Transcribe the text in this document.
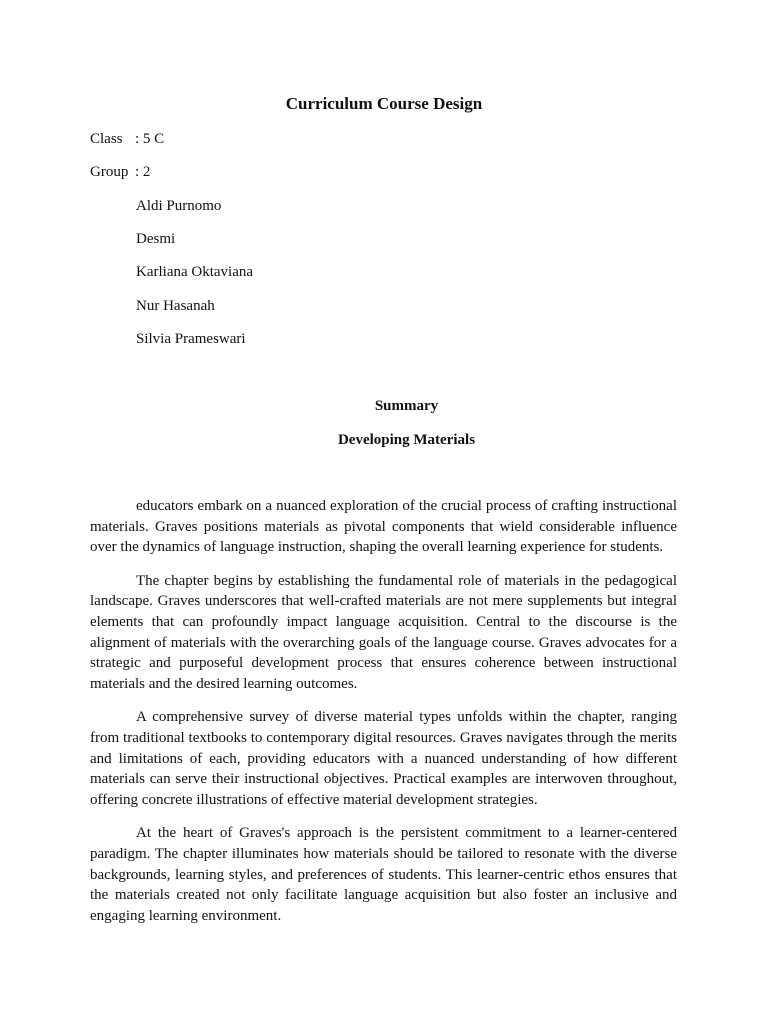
Curriculum Course Design
Class : 5 C
Group : 2
Aldi Purnomo
Desmi
Karliana Oktaviana
Nur Hasanah
Silvia Prameswari
Summary
Developing Materials

educators embark on a nuanced exploration of the crucial process of crafting instructional materials. Graves positions materials as pivotal components that wield considerable influence over the dynamics of language instruction, shaping the overall learning experience for students.

The chapter begins by establishing the fundamental role of materials in the pedagogical landscape. Graves underscores that well-crafted materials are not mere supplements but integral elements that can profoundly impact language acquisition. Central to the discourse is the alignment of materials with the overarching goals of the language course. Graves advocates for a strategic and purposeful development process that ensures coherence between instructional materials and the desired learning outcomes.

A comprehensive survey of diverse material types unfolds within the chapter, ranging from traditional textbooks to contemporary digital resources. Graves navigates through the merits and limitations of each, providing educators with a nuanced understanding of how different materials can serve their instructional objectives. Practical examples are interwoven throughout, offering concrete illustrations of effective material development strategies.

At the heart of Graves's approach is the persistent commitment to a learner-centered paradigm. The chapter illuminates how materials should be tailored to resonate with the diverse backgrounds, learning styles, and preferences of students. This learner-centric ethos ensures that the materials created not only facilitate language acquisition but also foster an inclusive and engaging learning environment.
